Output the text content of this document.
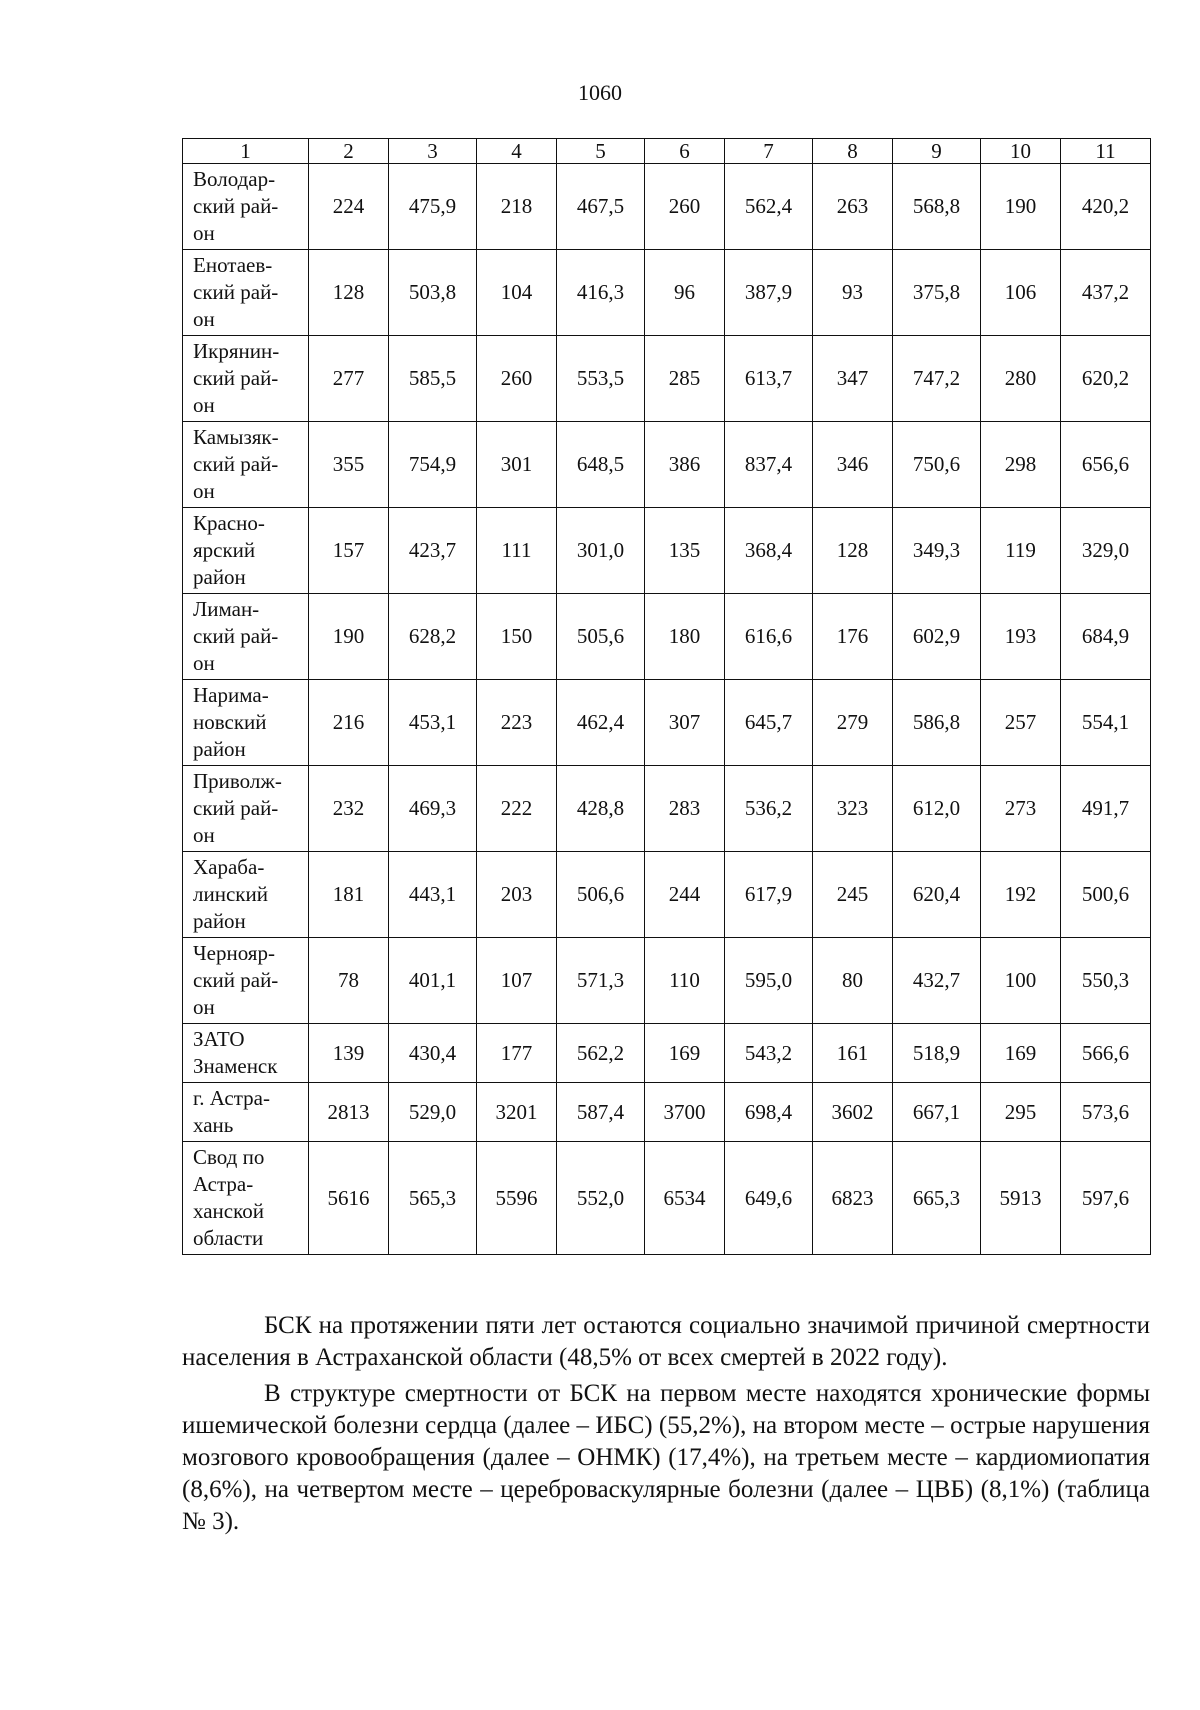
1060
1	2	3	4	5	6	7	8	9	10	11
Володар-
ский рай-
он	224	475,9	218	467,5	260	562,4	263	568,8	190	420,2
Енотаев-
ский рай-
он	128	503,8	104	416,3	96	387,9	93	375,8	106	437,2
Икрянин-
ский рай-
он	277	585,5	260	553,5	285	613,7	347	747,2	280	620,2
Камызяк-
ский рай-
он	355	754,9	301	648,5	386	837,4	346	750,6	298	656,6
Красно-
ярский
район	157	423,7	111	301,0	135	368,4	128	349,3	119	329,0
Лиман-
ский рай-
он	190	628,2	150	505,6	180	616,6	176	602,9	193	684,9
Нарима-
новский
район	216	453,1	223	462,4	307	645,7	279	586,8	257	554,1
Приволж-
ский рай-
он	232	469,3	222	428,8	283	536,2	323	612,0	273	491,7
Хараба-
линский
район	181	443,1	203	506,6	244	617,9	245	620,4	192	500,6
Чернояр-
ский рай-
он	78	401,1	107	571,3	110	595,0	80	432,7	100	550,3
ЗАТО
Знаменск	139	430,4	177	562,2	169	543,2	161	518,9	169	566,6
г. Астра-
хань	2813	529,0	3201	587,4	3700	698,4	3602	667,1	295	573,6
Свод по
Астра-
ханской
области	5616	565,3	5596	552,0	6534	649,6	6823	665,3	5913	597,6

БСК на протяжении пяти лет остаются социально значимой причиной смертности населения в Астраханской области (48,5% от всех смертей в 2022 году).

В структуре смертности от БСК на первом месте находятся хронические формы ишемической болезни сердца (далее – ИБС) (55,2%), на втором месте – острые нарушения мозгового кровообращения (далее – ОНМК) (17,4%), на третьем месте – кардиомиопатия (8,6%), на четвертом месте – цереброваскулярные болезни (далее – ЦВБ) (8,1%) (таблица № 3).
